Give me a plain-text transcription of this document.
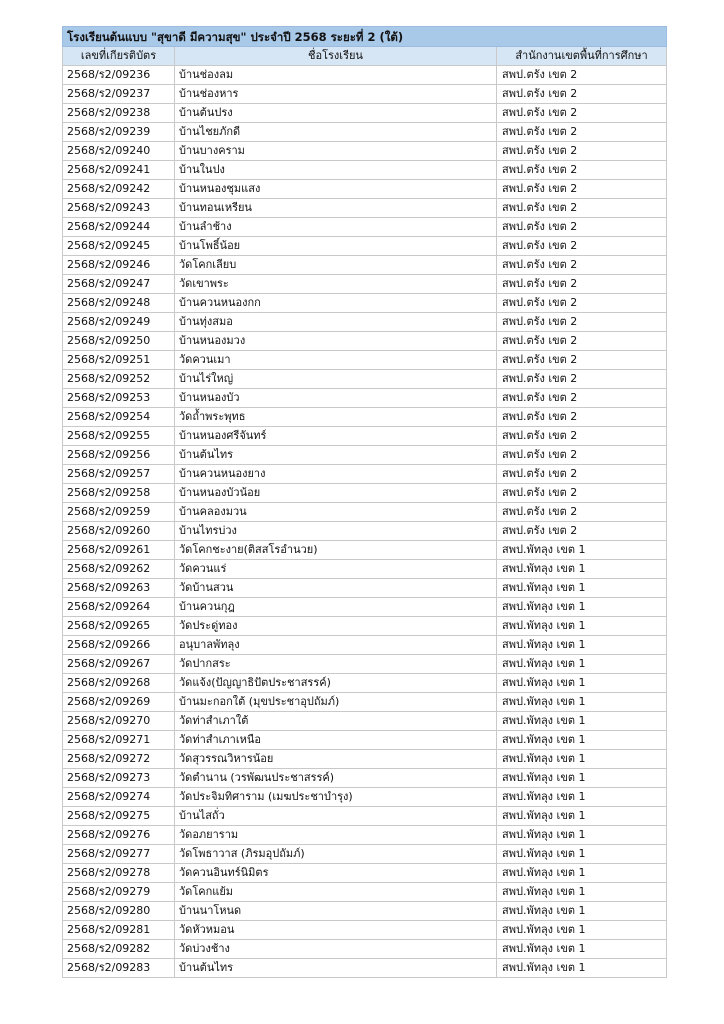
โรงเรียนต้นแบบ "สุขาดี มีความสุข" ประจำปี 2568 ระยะที่ 2 (ใต้)		
เลขที่เกียรติบัตร	ชื่อโรงเรียน	สำนักงานเขตพื้นที่การศึกษา
2568/ร2/09236	บ้านช่องลม	สพป.ตรัง เขต 2
2568/ร2/09237	บ้านช่องหาร	สพป.ตรัง เขต 2
2568/ร2/09238	บ้านต้นปรง	สพป.ตรัง เขต 2
2568/ร2/09239	บ้านไชยภักดี	สพป.ตรัง เขต 2
2568/ร2/09240	บ้านบางคราม	สพป.ตรัง เขต 2
2568/ร2/09241	บ้านในปง	สพป.ตรัง เขต 2
2568/ร2/09242	บ้านหนองชุมแสง	สพป.ตรัง เขต 2
2568/ร2/09243	บ้านทอนเหรียน	สพป.ตรัง เขต 2
2568/ร2/09244	บ้านลำช้าง	สพป.ตรัง เขต 2
2568/ร2/09245	บ้านโพธิ์น้อย	สพป.ตรัง เขต 2
2568/ร2/09246	วัดโคกเลียบ	สพป.ตรัง เขต 2
2568/ร2/09247	วัดเขาพระ	สพป.ตรัง เขต 2
2568/ร2/09248	บ้านควนหนองกก	สพป.ตรัง เขต 2
2568/ร2/09249	บ้านทุ่งสมอ	สพป.ตรัง เขต 2
2568/ร2/09250	บ้านหนองมวง	สพป.ตรัง เขต 2
2568/ร2/09251	วัดควนเมา	สพป.ตรัง เขต 2
2568/ร2/09252	บ้านไร่ใหญ่	สพป.ตรัง เขต 2
2568/ร2/09253	บ้านหนองบัว	สพป.ตรัง เขต 2
2568/ร2/09254	วัดถ้ำพระพุทธ	สพป.ตรัง เขต 2
2568/ร2/09255	บ้านหนองศรีจันทร์	สพป.ตรัง เขต 2
2568/ร2/09256	บ้านต้นไทร	สพป.ตรัง เขต 2
2568/ร2/09257	บ้านควนหนองยาง	สพป.ตรัง เขต 2
2568/ร2/09258	บ้านหนองบัวน้อย	สพป.ตรัง เขต 2
2568/ร2/09259	บ้านคลองมวน	สพป.ตรัง เขต 2
2568/ร2/09260	บ้านไทรบ่วง	สพป.ตรัง เขต 2
2568/ร2/09261	วัดโคกชะงาย(ติสสโรอำนวย)	สพป.พัทลุง เขต 1
2568/ร2/09262	วัดควนแร่	สพป.พัทลุง เขต 1
2568/ร2/09263	วัดบ้านสวน	สพป.พัทลุง เขต 1
2568/ร2/09264	บ้านควนกุฎ	สพป.พัทลุง เขต 1
2568/ร2/09265	วัดประดู่ทอง	สพป.พัทลุง เขต 1
2568/ร2/09266	อนุบาลพัทลุง	สพป.พัทลุง เขต 1
2568/ร2/09267	วัดปากสระ	สพป.พัทลุง เขต 1
2568/ร2/09268	วัดแจ้ง(ปัญญาธิปัตประชาสรรค์)	สพป.พัทลุง เขต 1
2568/ร2/09269	บ้านมะกอกใต้ (มุขประชาอุปถัมภ์)	สพป.พัทลุง เขต 1
2568/ร2/09270	วัดท่าสำเภาใต้	สพป.พัทลุง เขต 1
2568/ร2/09271	วัดท่าสำเภาเหนือ	สพป.พัทลุง เขต 1
2568/ร2/09272	วัดสุวรรณวิหารน้อย	สพป.พัทลุง เขต 1
2568/ร2/09273	วัดตำนาน (วรพัฒนประชาสรรค์)	สพป.พัทลุง เขต 1
2568/ร2/09274	วัดประจิมทิศาราม (เมฆประชาบำรุง)	สพป.พัทลุง เขต 1
2568/ร2/09275	บ้านไสถั่ว	สพป.พัทลุง เขต 1
2568/ร2/09276	วัดอภยาราม	สพป.พัทลุง เขต 1
2568/ร2/09277	วัดโพธาวาส (ภิรมอุปถัมภ์)	สพป.พัทลุง เขต 1
2568/ร2/09278	วัดควนอินทร์นิมิตร	สพป.พัทลุง เขต 1
2568/ร2/09279	วัดโคกแย้ม	สพป.พัทลุง เขต 1
2568/ร2/09280	บ้านนาโหนด	สพป.พัทลุง เขต 1
2568/ร2/09281	วัดหัวหมอน	สพป.พัทลุง เขต 1
2568/ร2/09282	วัดบ่วงช้าง	สพป.พัทลุง เขต 1
2568/ร2/09283	บ้านต้นไทร	สพป.พัทลุง เขต 1
